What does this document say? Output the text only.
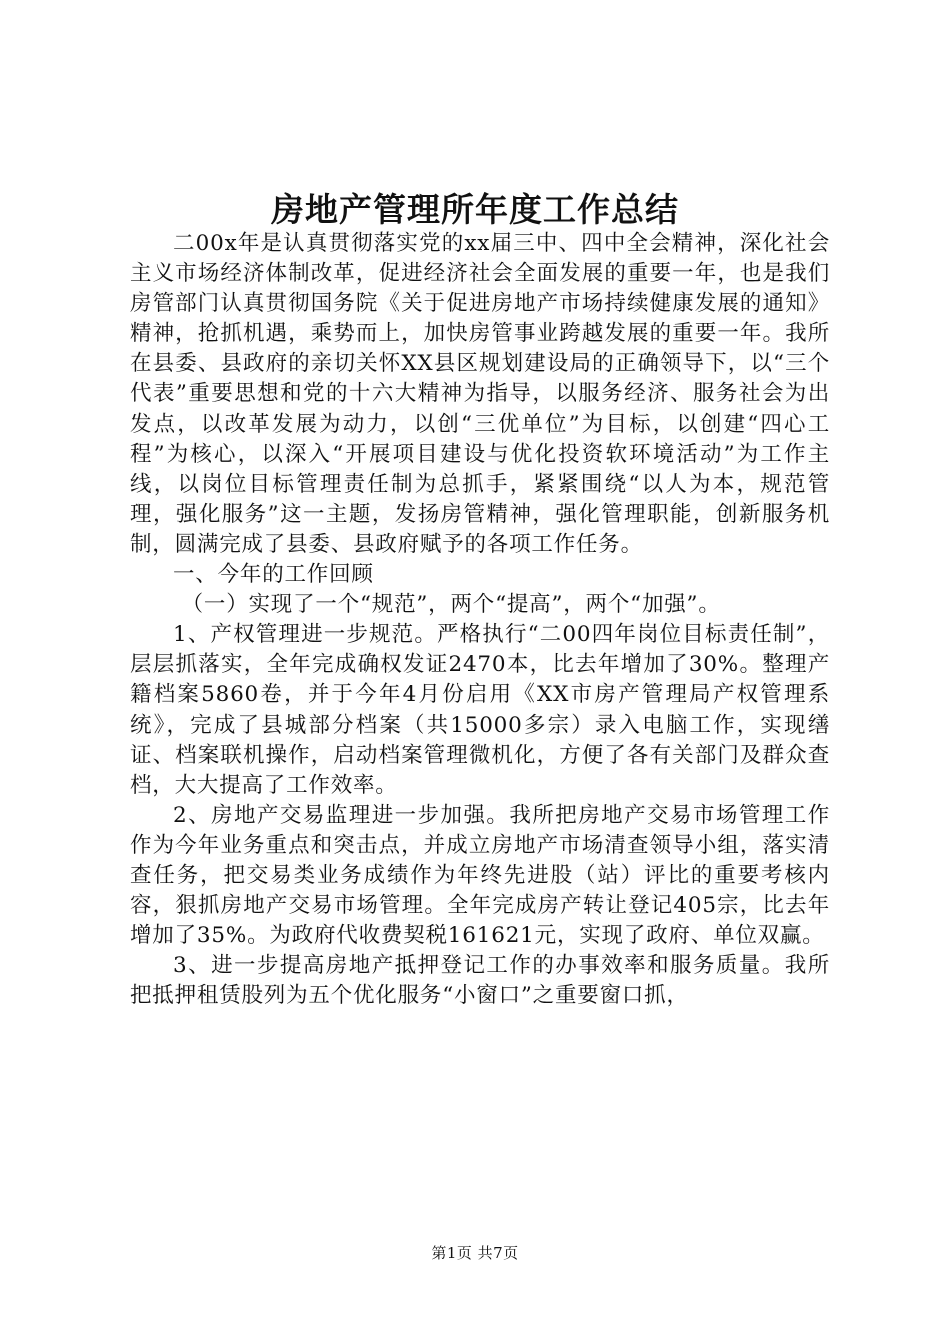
房地产管理所年度工作总结

二00x年是认真贯彻落实党的xx届三中、四中全会精神，深化社会主义市场经济体制改革，促进经济社会全面发展的重要一年，也是我们房管部门认真贯彻国务院《关于促进房地产市场持续健康发展的通知》精神，抢抓机遇，乘势而上，加快房管事业跨越发展的重要一年。我所在县委、县政府的亲切关怀XX县区规划建设局的正确领导下，以“三个代表”重要思想和党的十六大精神为指导，以服务经济、服务社会为出发点，以改革发展为动力，以创“三优单位”为目标，以创建“四心工程”为核心，以深入“开展项目建设与优化投资软环境活动”为工作主线，以岗位目标管理责任制为总抓手，紧紧围绕“以人为本，规范管理，强化服务”这一主题，发扬房管精神，强化管理职能，创新服务机制，圆满完成了县委、县政府赋予的各项工作任务。

一、今年的工作回顾

（一）实现了一个“规范”，两个“提高”，两个“加强”。

1、产权管理进一步规范。严格执行“二00四年岗位目标责任制”，层层抓落实，全年完成确权发证2470本，比去年增加了30%。整理产籍档案5860卷，并于今年4月份启用《XX市房产管理局产权管理系统》，完成了县城部分档案（共15000多宗）录入电脑工作，实现缮证、档案联机操作，启动档案管理微机化，方便了各有关部门及群众查档，大大提高了工作效率。

2、房地产交易监理进一步加强。我所把房地产交易市场管理工作作为今年业务重点和突击点，并成立房地产市场清查领导小组，落实清查任务，把交易类业务成绩作为年终先进股（站）评比的重要考核内容，狠抓房地产交易市场管理。全年完成房产转让登记405宗，比去年增加了35%。为政府代收费契税161621元，实现了政府、单位双赢。

3、进一步提高房地产抵押登记工作的办事效率和服务质量。我所把抵押租赁股列为五个优化服务“小窗口”之重要窗口抓，

第1页 共7页
